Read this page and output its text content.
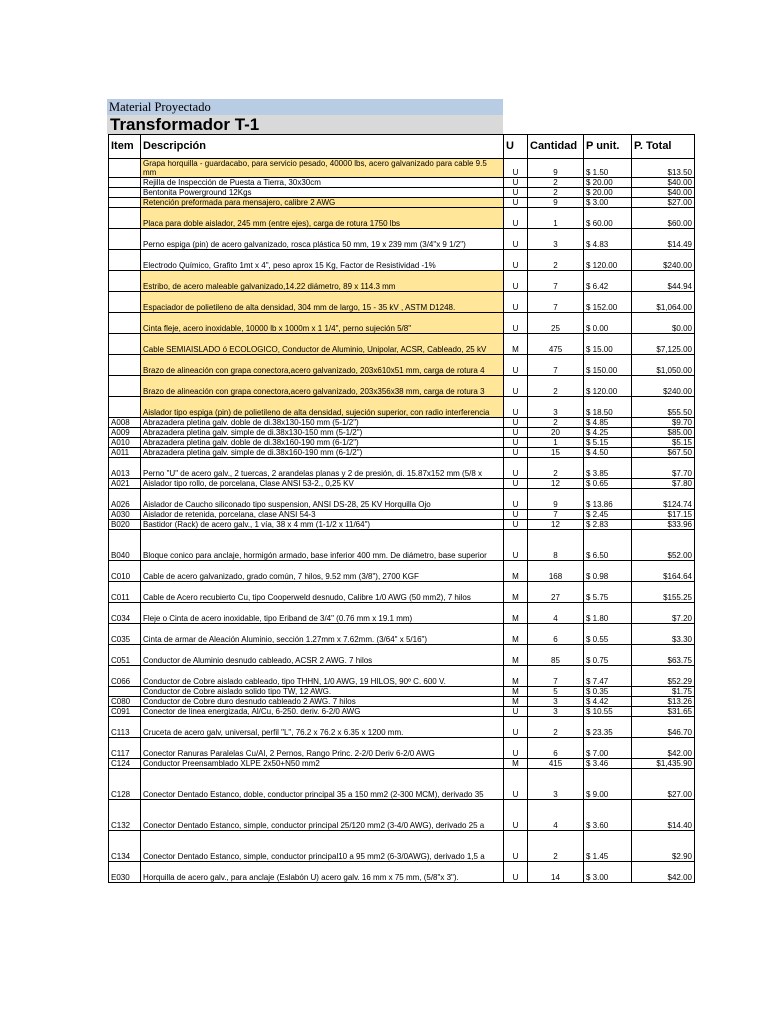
Material Proyectado
Transformador T-1
Item	Descripción	U	Cantidad	P unit.	P. Total
	Grapa horquilla - guardacabo, para servicio pesado, 40000 lbs, acero galvanizado para cable 9.5 mm	U	9	$ 1.50	$13.50
	Rejilla de Inspección de Puesta a Tierra, 30x30cm	U	2	$ 20.00	$40.00
	Bentonita Powerground 12Kgs	U	2	$ 20.00	$40.00
	Retención preformada para mensajero, calibre 2 AWG	U	9	$ 3.00	$27.00
	Placa para doble aislador, 245 mm (entre ejes), carga de rotura 1750 lbs	U	1	$ 60.00	$60.00
	Perno espiga (pin) de acero galvanizado, rosca plástica 50 mm, 19 x 239 mm (3/4"x 9 1/2")	U	3	$ 4.83	$14.49
	Electrodo Químico, Grafito 1mt x 4", peso aprox 15 Kg, Factor de Resistividad -1%	U	2	$ 120.00	$240.00
	Estribo, de acero maleable galvanizado,14.22 diámetro, 89 x 114.3 mm	U	7	$ 6.42	$44.94
	Espaciador de polietileno de alta densidad, 304 mm de largo, 15 - 35 kV , ASTM D1248.	U	7	$ 152.00	$1,064.00
	Cinta fleje, acero inoxidable, 10000 lb x 1000m x 1 1/4", perno sujeción 5/8"	U	25	$ 0.00	$0.00
	Cable SEMIAISLADO ó ECOLOGICO, Conductor de Aluminio, Unipolar, ACSR, Cableado, 25 kV	M	475	$ 15.00	$7,125.00
	Brazo de alineación con grapa conectora,acero galvanizado, 203x610x51 mm, carga de rotura 4	U	7	$ 150.00	$1,050.00
	Brazo de alineación con grapa conectora,acero galvanizado, 203x356x38 mm, carga de rotura 3	U	2	$ 120.00	$240.00
	Aislador tipo espiga (pin) de polietileno de alta densidad, sujeción superior, con radio interferencia	U	3	$ 18.50	$55.50
A008	Abrazadera pletina galv. doble de di.38x130-150 mm (5-1/2")	U	2	$ 4.85	$9.70
A009	Abrazadera pletina galv. simple de di.38x130-150 mm (5-1/2")	U	20	$ 4.25	$85.00
A010	Abrazadera pletina galv. doble de di.38x160-190 mm (6-1/2")	U	1	$ 5.15	$5.15
A011	Abrazadera pletina galv. simple de di.38x160-190 mm (6-1/2")	U	15	$ 4.50	$67.50
A013	Perno "U" de acero galv., 2 tuercas, 2 arandelas planas y 2 de presión, di. 15.87x152 mm (5/8 x	U	2	$ 3.85	$7.70
A021	Aislador tipo rollo, de porcelana, Clase ANSI 53-2., 0,25 KV	U	12	$ 0.65	$7.80
A026	Aislador de Caucho siliconado tipo suspension, ANSI DS-28, 25 KV Horquilla Ojo	U	9	$ 13.86	$124.74
A030	Aislador de retenida, porcelana, clase ANSI 54-3	U	7	$ 2.45	$17.15
B020	Bastidor (Rack) de acero galv., 1 vía, 38 x 4 mm (1-1/2 x 11/64")	U	12	$ 2.83	$33.96
B040	Bloque conico para anclaje, hormigón armado, base inferior 400 mm. De diámetro, base superior	U	8	$ 6.50	$52.00
C010	Cable de acero galvanizado, grado común, 7 hilos, 9.52 mm (3/8"), 2700 KGF	M	168	$ 0.98	$164.64
C011	Cable de Acero recubierto Cu, tipo Cooperweld desnudo, Calibre 1/0 AWG (50 mm2), 7 hilos	M	27	$ 5.75	$155.25
C034	Fleje o Cinta de acero inoxidable, tipo Eriband de 3/4" (0.76 mm x 19.1 mm)	M	4	$ 1.80	$7.20
C035	Cinta de armar de Aleación Aluminio, sección 1.27mm x 7.62mm. (3/64" x 5/16")	M	6	$ 0.55	$3.30
C051	Conductor de Aluminio desnudo cableado, ACSR 2 AWG. 7 hilos	M	85	$ 0.75	$63.75
C066	Conductor de Cobre aislado cableado, tipo THHN, 1/0 AWG, 19 HILOS, 90º C. 600 V.	M	7	$ 7.47	$52.29
	Conductor de Cobre aislado solido tipo TW, 12 AWG.	M	5	$ 0.35	$1.75
C080	Conductor de Cobre duro desnudo cableado 2 AWG. 7 hilos	M	3	$ 4.42	$13.26
C091	Conector de linea energizada, Al/Cu, 6-250. deriv. 6-2/0 AWG	U	3	$ 10.55	$31.65
C113	Cruceta de acero galv, universal, perfil "L", 76.2 x 76.2 x 6.35 x 1200 mm.	U	2	$ 23.35	$46.70
C117	Conector Ranuras Paralelas Cu/Al, 2 Pernos, Rango Princ. 2-2/0 Deriv 6-2/0 AWG	U	6	$ 7.00	$42.00
C124	Conductor Preensamblado XLPE 2x50+N50 mm2	M	415	$ 3.46	$1,435.90
C128	Conector Dentado Estanco, doble, conductor principal 35 a 150 mm2 (2-300 MCM), derivado 35	U	3	$ 9.00	$27.00
C132	Conector Dentado Estanco, simple, conductor principal 25/120 mm2 (3-4/0 AWG), derivado 25 a	U	4	$ 3.60	$14.40
C134	Conector Dentado Estanco, simple, conductor principal10 a 95 mm2 (6-3/0AWG), derivado 1,5 a	U	2	$ 1.45	$2.90
E030	Horquilla de acero galv., para anclaje (Eslabón U) acero galv. 16 mm x 75 mm, (5/8"x 3").	U	14	$ 3.00	$42.00
